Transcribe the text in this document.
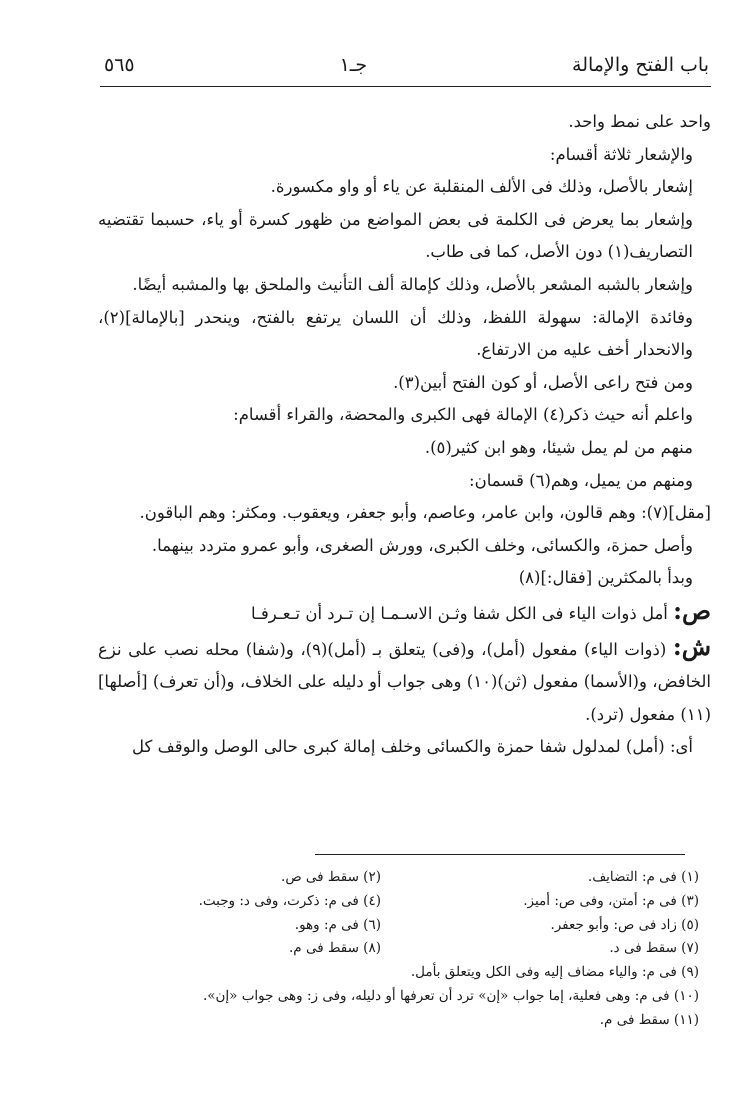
باب الفتح والإمالة
جـ١
٥٦٥

واحد على نمط واحد.

والإشعار ثلاثة أقسام:

إشعار بالأصل، وذلك فى الألف المنقلبة عن ياء أو واو مكسورة.

وإشعار بما يعرض فى الكلمة فى بعض المواضع من ظهور كسرة أو ياء، حسبما تقتضيه التصاريف(١) دون الأصل، كما فى طاب.

وإشعار بالشبه المشعر بالأصل، وذلك كإمالة ألف التأنيث والملحق بها والمشبه أيضًا.

وفائدة الإمالة: سهولة اللفظ، وذلك أن اللسان يرتفع بالفتح، وينحدر [بالإمالة](٢)، والانحدار أخف عليه من الارتفاع.

ومن فتح راعى الأصل، أو كون الفتح أبين(٣).

واعلم أنه حيث ذكر(٤) الإمالة فهى الكبرى والمحضة، والقراء أقسام:

منهم من لم يمل شيئا، وهو ابن كثير(٥).

ومنهم من يميل، وهم(٦) قسمان:

[مقل](٧): وهم قالون، وابن عامر، وعاصم، وأبو جعفر، ويعقوب. ومكثر: وهم الباقون.

وأصل حمزة، والكسائى، وخلف الكبرى، وورش الصغرى، وأبو عمرو متردد بينهما.

وبدأ بالمكثرين [فقال:](٨)

ص: أمل ذوات الياء فى الكل شفا وثـن الاسـمـا إن تـرد أن تـعـرفـا

ش: (ذوات الياء) مفعول (أمل)، و(فى) يتعلق بـ (أمل)(٩)، و(شفا) محله نصب على نزع الخافض، و(الأسما) مفعول (ثن)(١٠) وهى جواب أو دليله على الخلاف، و(أن تعرف) [أصلها](١١) مفعول (ترد).

أى: (أمل) لمدلول شفا حمزة والكسائى وخلف إمالة كبرى حالى الوصل والوقف كل

(١) فى م: التضايف.
(٢) سقط فى ص.
(٣) فى م: أمتن، وفى ص: أميز.
(٤) فى م: ذكرت، وفى د: وجبت.
(٥) زاد فى ص: وأبو جعفر.
(٦) فى م: وهو.
(٧) سقط فى د.
(٨) سقط فى م.
(٩) فى م: والياء مضاف إليه وفى الكل ويتعلق بأمل.
(١٠) فى م: وهى فعلية، إما جواب «إن» ترد أن تعرفها أو دليله، وفى ز: وهى جواب «إن».
(١١) سقط فى م.
